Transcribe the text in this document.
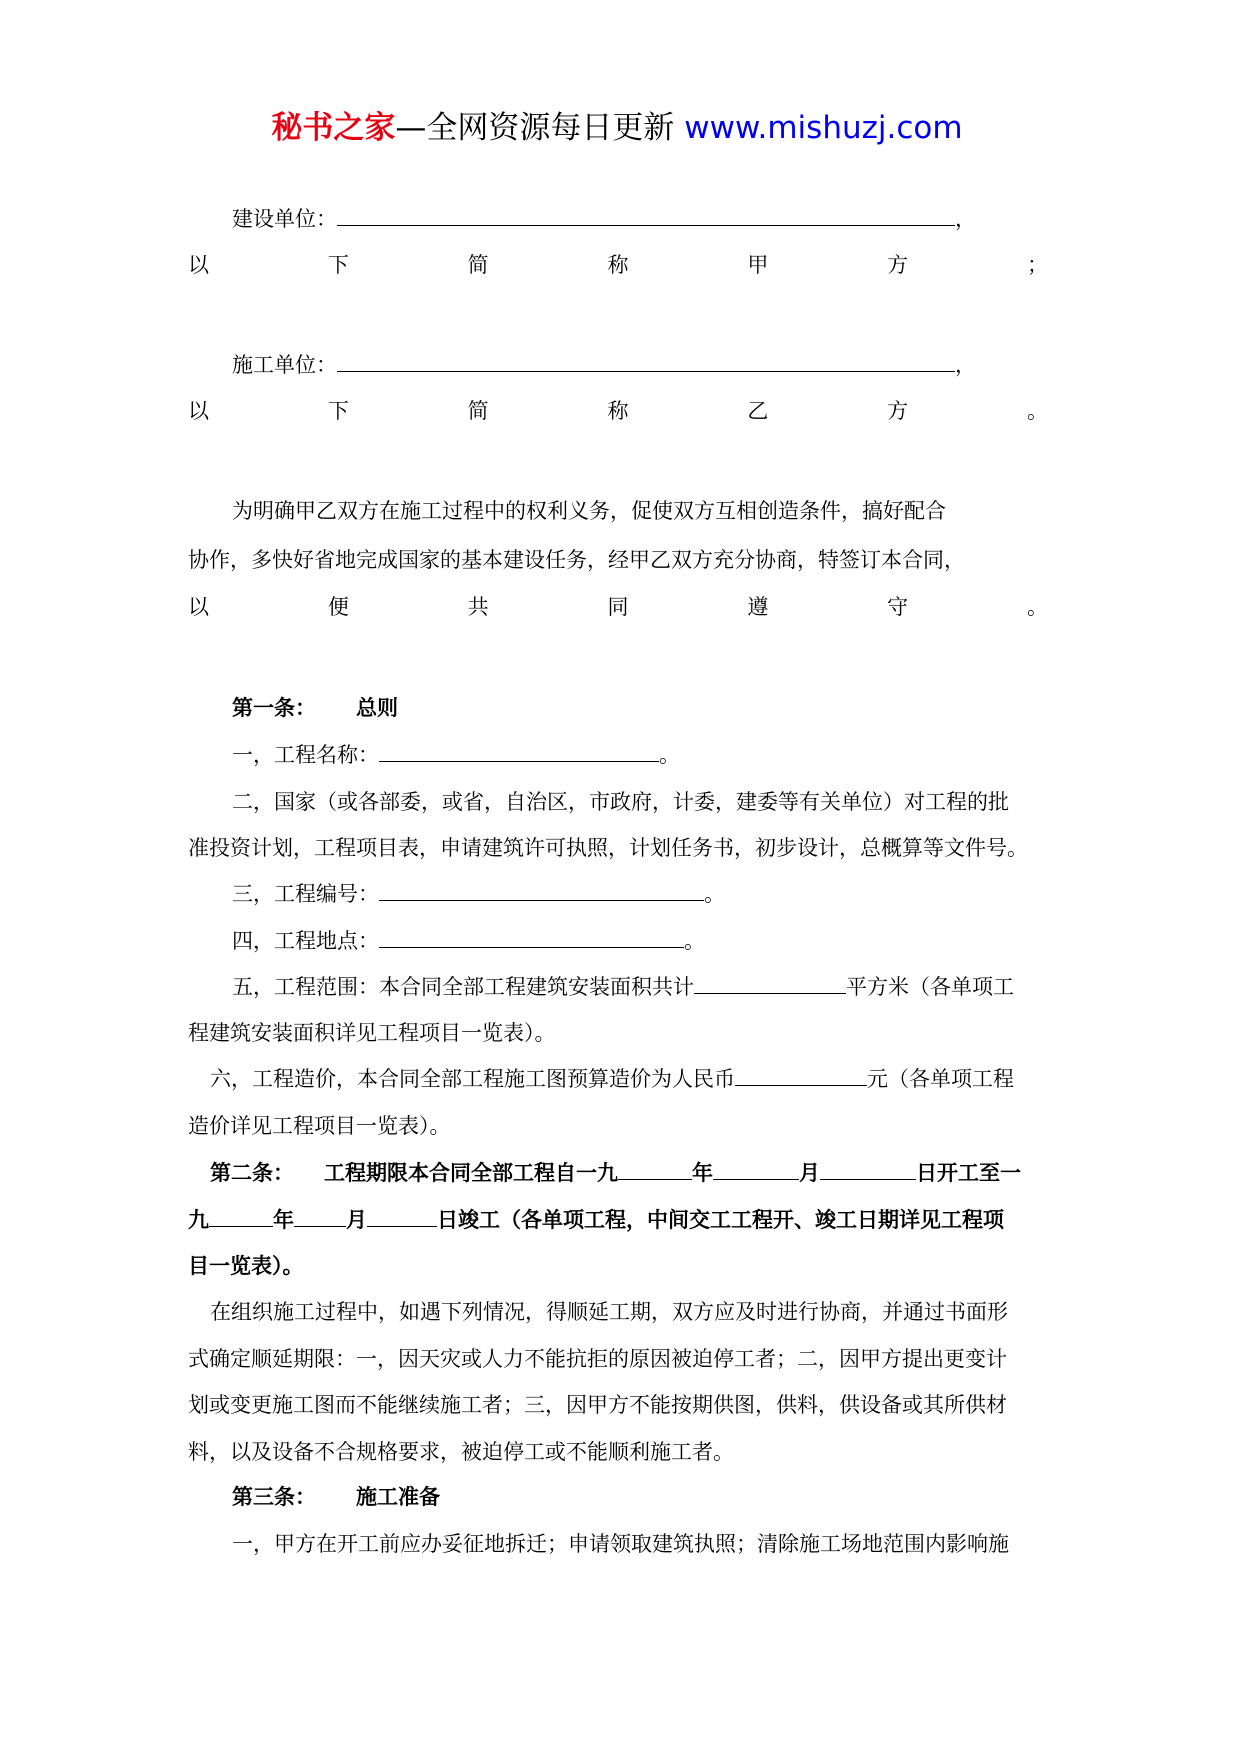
秘书之家—全网资源每日更新 www.mishuzj.com
建设单位：	，
以	下	简	称	甲	方	；
施工单位：	，
以	下	简	称	乙	方	。
为明确甲乙双方在施工过程中的权利义务，促使双方互相创造条件，搞好配合
协作，多快好省地完成国家的基本建设任务，经甲乙双方充分协商，特签订本合同，
以	便	共	同	遵	守	。
第一条： 总则
一，工程名称：	。
二，国家（或各部委，或省，自治区，市政府，计委，建委等有关单位）对工程的批
准投资计划，工程项目表，申请建筑许可执照，计划任务书，初步设计，总概算等文件号。
三，工程编号：	。
四，工程地点：	。
五，工程范围：本合同全部工程建筑安装面积共计	平方米（各单项工
程建筑安装面积详见工程项目一览表）。
六，工程造价，本合同全部工程施工图预算造价为人民币	元（各单项工程
造价详见工程项目一览表）。
第二条： 工程期限本合同全部工程自一九	年	月	日开工至一
九	年 月	日竣工（各单项工程，中间交工工程开、竣工日期详见工程项
目一览表）。
在组织施工过程中，如遇下列情况，得顺延工期，双方应及时进行协商，并通过书面形
式确定顺延期限：一，因天灾或人力不能抗拒的原因被迫停工者；二，因甲方提出更变计
划或变更施工图而不能继续施工者；三，因甲方不能按期供图，供料，供设备或其所供材
料，以及设备不合规格要求，被迫停工或不能顺利施工者。
第三条： 施工准备
一，甲方在开工前应办妥征地拆迁；申请领取建筑执照；清除施工场地范围内影响施
